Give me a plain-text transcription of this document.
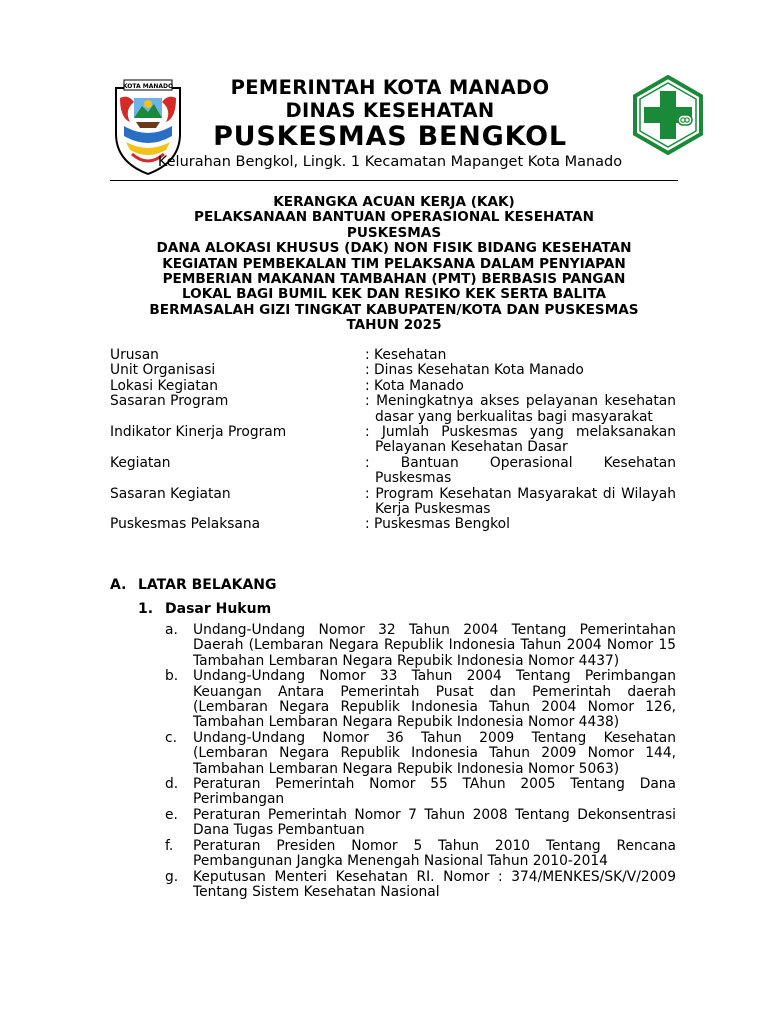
KOTA MANADO	PEMERINTAH KOTA MANADO
DINAS KESEHATAN
PUSKESMAS BENGKOL
Kelurahan Bengkol, Lingk. 1 Kecamatan Mapanget Kota Manado
KERANGKA ACUAN KERJA (KAK)
PELAKSANAAN BANTUAN OPERASIONAL KESEHATAN
PUSKESMAS
DANA ALOKASI KHUSUS (DAK) NON FISIK BIDANG KESEHATAN
KEGIATAN PEMBEKALAN TIM PELAKSANA DALAM PENYIAPAN
PEMBERIAN MAKANAN TAMBAHAN (PMT) BERBASIS PANGAN
LOKAL BAGI BUMIL KEK DAN RESIKO KEK SERTA BALITA
BERMASALAH GIZI TINGKAT KABUPATEN/KOTA DAN PUSKESMAS
TAHUN 2025
Urusan	: Kesehatan
Unit Organisasi	: Dinas Kesehatan Kota Manado
Lokasi Kegiatan	: Kota Manado
Sasaran Program	: Meningkatnya akses pelayanan kesehatan dasar yang berkualitas bagi masyarakat
Indikator Kinerja Program	: Jumlah Puskesmas yang melaksanakan Pelayanan Kesehatan Dasar
Kegiatan	: Bantuan Operasional Kesehatan Puskesmas
Sasaran Kegiatan	: Program Kesehatan Masyarakat di Wilayah Kerja Puskesmas
Puskesmas Pelaksana	: Puskesmas Bengkol
A. LATAR BELAKANG
1. Dasar Hukum
a. Undang-Undang Nomor 32 Tahun 2004 Tentang Pemerintahan Daerah (Lembaran Negara Republik Indonesia Tahun 2004 Nomor 15 Tambahan Lembaran Negara Repubik Indonesia Nomor 4437)
b. Undang-Undang Nomor 33 Tahun 2004 Tentang Perimbangan Keuangan Antara Pemerintah Pusat dan Pemerintah daerah (Lembaran Negara Republik Indonesia Tahun 2004 Nomor 126, Tambahan Lembaran Negara Repubik Indonesia Nomor 4438)
c. Undang-Undang Nomor 36 Tahun 2009 Tentang Kesehatan (Lembaran Negara Republik Indonesia Tahun 2009 Nomor 144, Tambahan Lembaran Negara Repubik Indonesia Nomor 5063)
d. Peraturan Pemerintah Nomor 55 TAhun 2005 Tentang Dana Perimbangan
e. Peraturan Pemerintah Nomor 7 Tahun 2008 Tentang Dekonsentrasi Dana Tugas Pembantuan
f. Peraturan Presiden Nomor 5 Tahun 2010 Tentang Rencana Pembangunan Jangka Menengah Nasional Tahun 2010-2014
g. Keputusan Menteri Kesehatan RI. Nomor : 374/MENKES/SK/V/2009 Tentang Sistem Kesehatan Nasional
